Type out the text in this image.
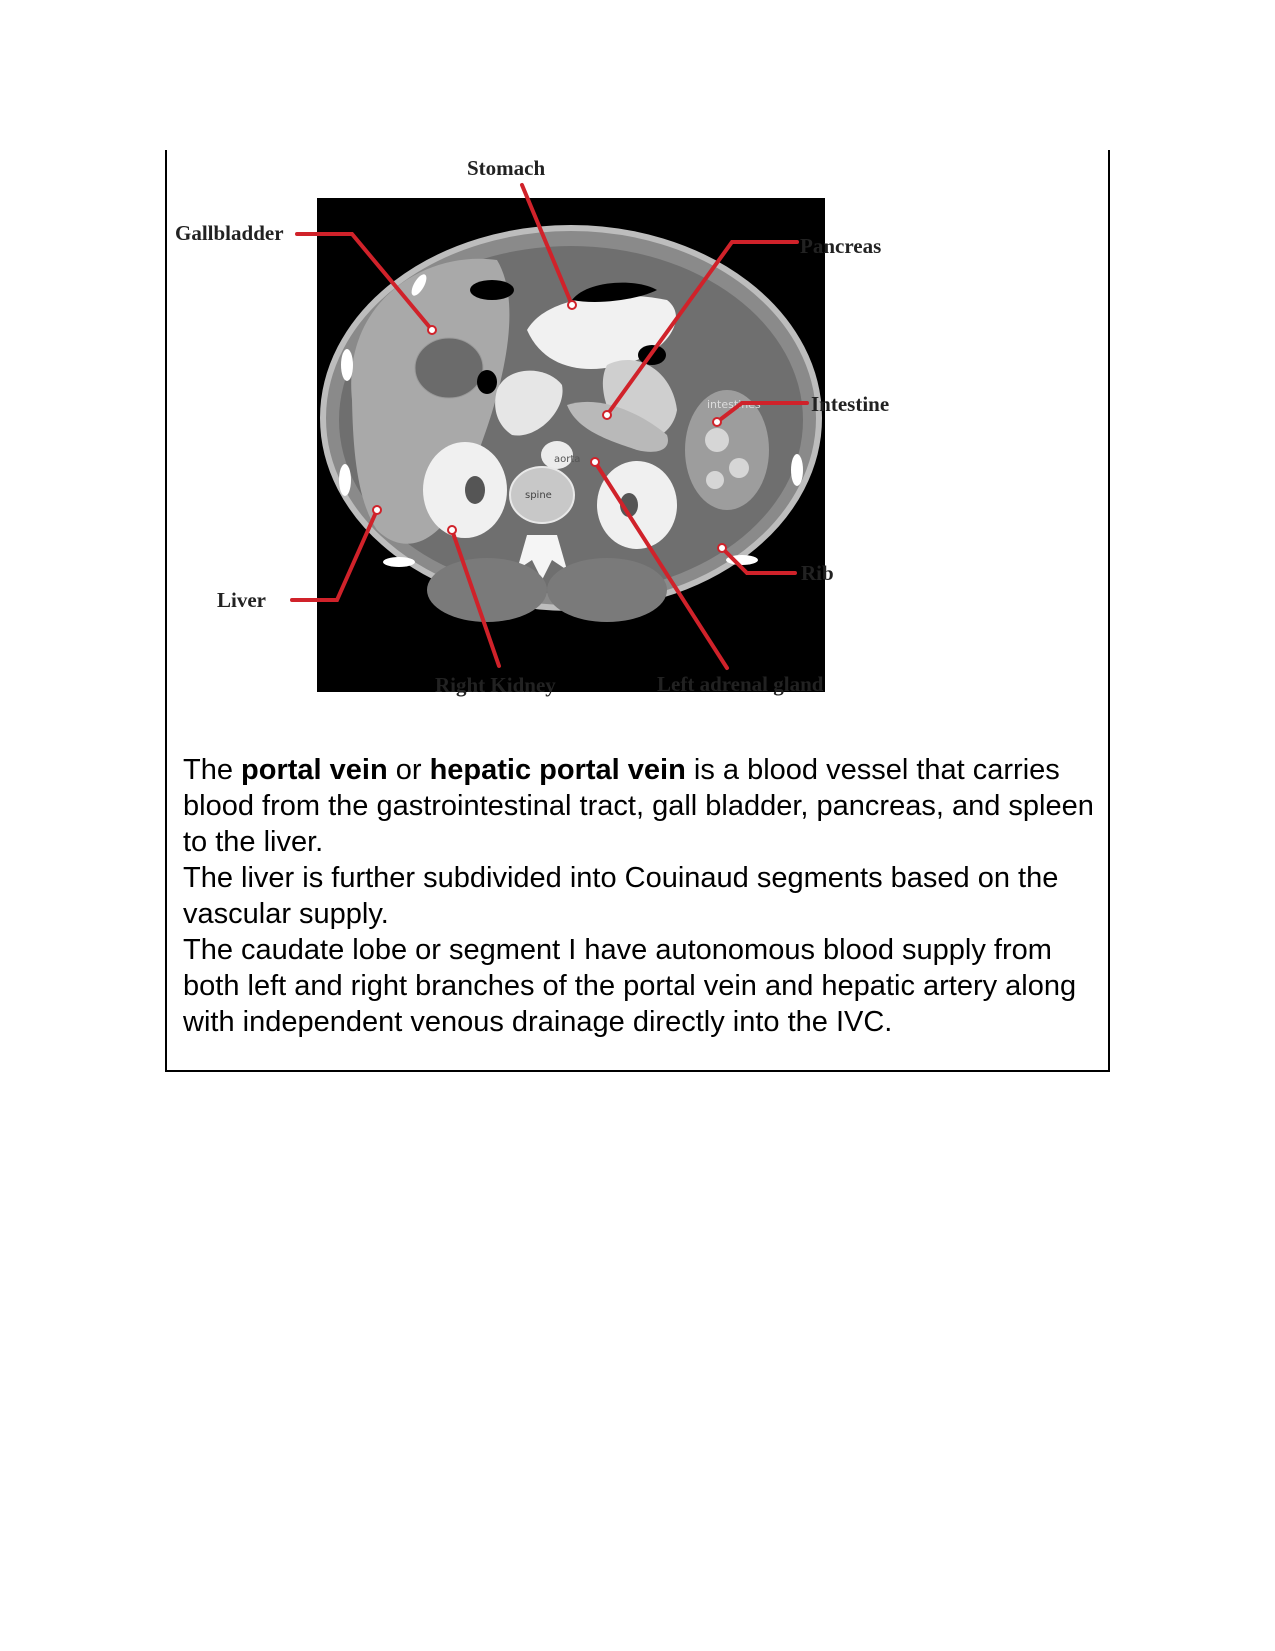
intestines
aorta
spine
Stomach
Gallbladder
Pancreas
Intestine
Rib
Liver
Right Kidney	Left adrenal gland

The portal vein or hepatic portal vein is a blood vessel that carries blood from the gastrointestinal tract, gall bladder, pancreas, and spleen to the liver.

The liver is further subdivided into Couinaud segments based on the vascular supply.

The caudate lobe or segment I have autonomous blood supply from both left and right branches of the portal vein and hepatic artery along with independent venous drainage directly into the IVC.
